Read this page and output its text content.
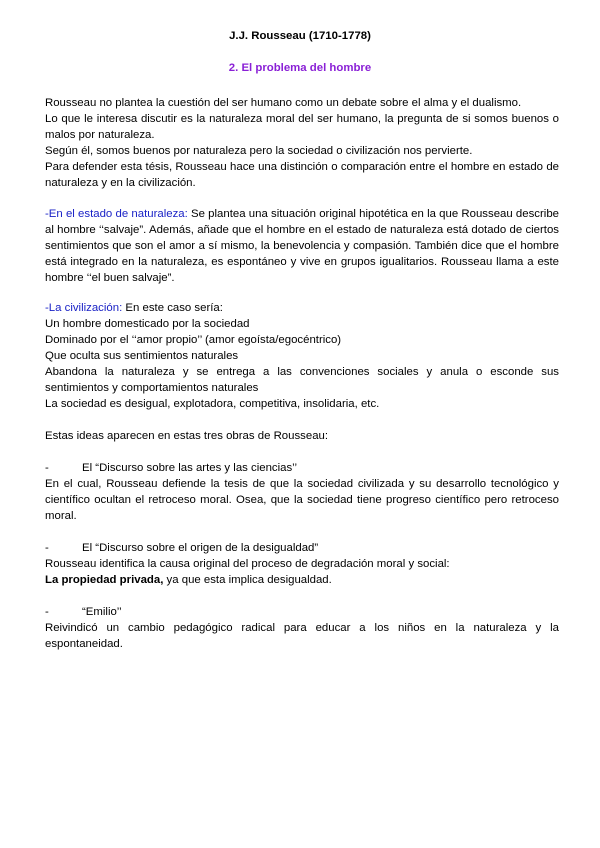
J.J. Rousseau (1710-1778)
2. El problema del hombre
Rousseau no plantea la cuestión del ser humano como un debate sobre el alma y el dualismo.
Lo que le interesa discutir es la naturaleza moral del ser humano, la pregunta de si somos buenos o malos por naturaleza.
Según él, somos buenos por naturaleza pero la sociedad o civilización nos pervierte.
Para defender esta tésis, Rousseau hace una distinción o comparación entre el hombre en estado de naturaleza y en la civilización.
-En el estado de naturaleza: Se plantea una situación original hipotética en la que Rousseau describe al hombre ‘‘salvaje”. Además, añade que el hombre en el estado de naturaleza está dotado de ciertos sentimientos que son el amor a sí mismo, la benevolencia y compasión. También dice que el hombre está integrado en la naturaleza, es espontáneo y vive en grupos igualitarios. Rousseau llama a este hombre ‘‘el buen salvaje”.
-La civilización: En este caso sería:
Un hombre domesticado por la sociedad
Dominado por el ‘‘amor propio’’ (amor egoísta/egocéntrico)
Que oculta sus sentimientos naturales
Abandona la naturaleza y se entrega a las convenciones sociales y anula o esconde sus sentimientos y comportamientos naturales
La sociedad es desigual, explotadora, competitiva, insolidaria, etc.
Estas ideas aparecen en estas tres obras de Rousseau:
-	El “Discurso sobre las artes y las ciencias’’
En el cual, Rousseau defiende la tesis de que la sociedad civilizada y su desarrollo tecnológico y científico ocultan el retroceso moral. Osea, que la sociedad tiene progreso científico pero retroceso moral.
-	El “Discurso sobre el origen de la desigualdad”
Rousseau identifica la causa original del proceso de degradación moral y social:
La propiedad privada, ya que esta implica desigualdad.
-	“Emilio’’
Reivindicó un cambio pedagógico radical para educar a los niños en la naturaleza y la espontaneidad.
